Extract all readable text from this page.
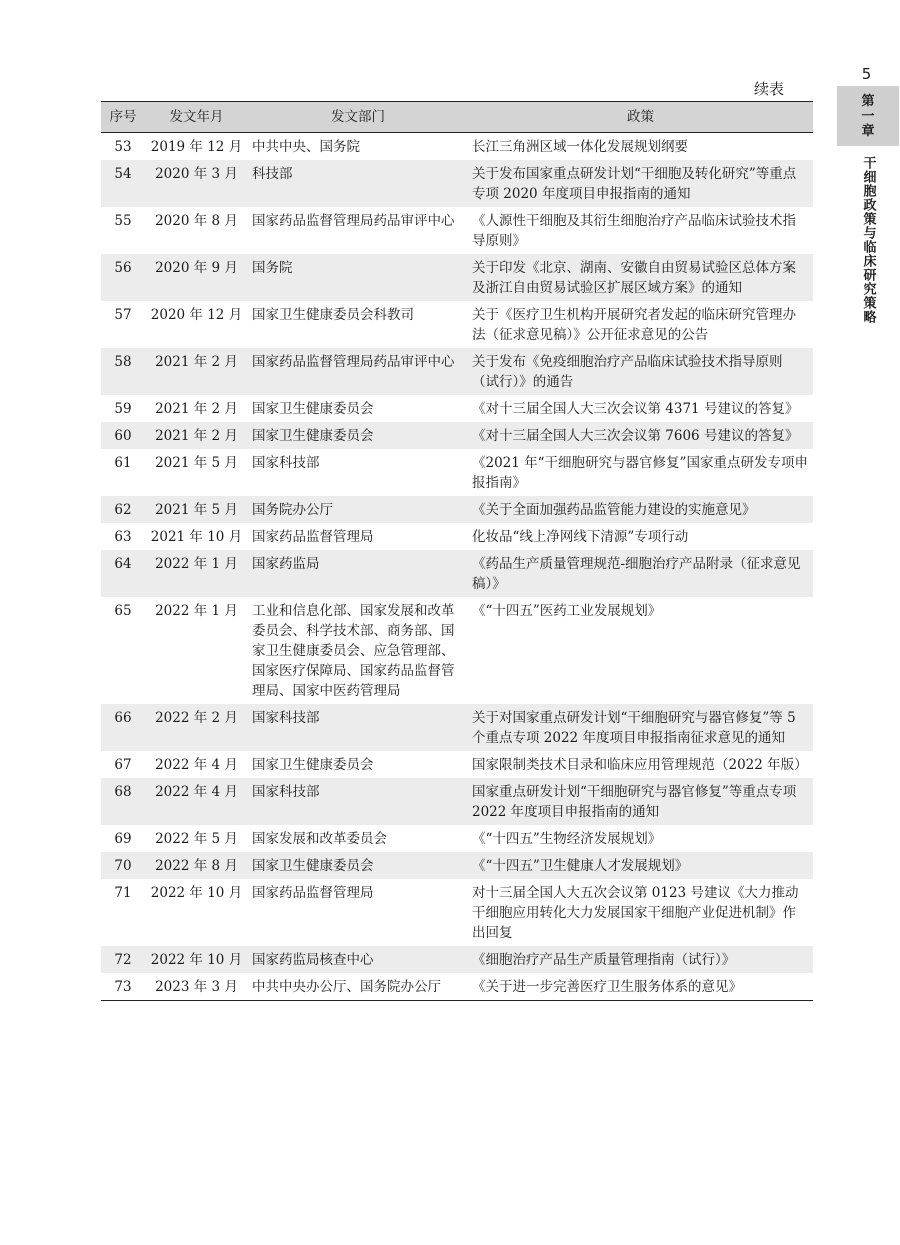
续表
5
第
一
章
干细胞政策与临床研究策略
序号	发文年月	发文部门	政策
53	2019 年 12 月	中共中央、国务院	长江三角洲区域一体化发展规划纲要
54	2020 年 3 月	科技部	关于发布国家重点研发计划“干细胞及转化研究”等重点专项 2020 年度项目申报指南的通知
55	2020 年 8 月	国家药品监督管理局药品审评中心	《人源性干细胞及其衍生细胞治疗产品临床试验技术指导原则》
56	2020 年 9 月	国务院	关于印发《北京、湖南、安徽自由贸易试验区总体方案及浙江自由贸易试验区扩展区域方案》的通知
57	2020 年 12 月	国家卫生健康委员会科教司	关于《医疗卫生机构开展研究者发起的临床研究管理办法（征求意见稿）》公开征求意见的公告
58	2021 年 2 月	国家药品监督管理局药品审评中心	关于发布《免疫细胞治疗产品临床试验技术指导原则（试行）》的通告
59	2021 年 2 月	国家卫生健康委员会	《对十三届全国人大三次会议第 4371 号建议的答复》
60	2021 年 2 月	国家卫生健康委员会	《对十三届全国人大三次会议第 7606 号建议的答复》
61	2021 年 5 月	国家科技部	《2021 年“干细胞研究与器官修复”国家重点研发专项申报指南》
62	2021 年 5 月	国务院办公厅	《关于全面加强药品监管能力建设的实施意见》
63	2021 年 10 月	国家药品监督管理局	化妆品“线上净网线下清源”专项行动
64	2022 年 1 月	国家药监局	《药品生产质量管理规范-细胞治疗产品附录（征求意见稿）》
65	2022 年 1 月	工业和信息化部、国家发展和改革委员会、科学技术部、商务部、国家卫生健康委员会、应急管理部、国家医疗保障局、国家药品监督管理局、国家中医药管理局	《“十四五”医药工业发展规划》
66	2022 年 2 月	国家科技部	关于对国家重点研发计划“干细胞研究与器官修复”等 5 个重点专项 2022 年度项目申报指南征求意见的通知
67	2022 年 4 月	国家卫生健康委员会	国家限制类技术目录和临床应用管理规范（2022 年版）
68	2022 年 4 月	国家科技部	国家重点研发计划“干细胞研究与器官修复”等重点专项 2022 年度项目申报指南的通知
69	2022 年 5 月	国家发展和改革委员会	《“十四五”生物经济发展规划》
70	2022 年 8 月	国家卫生健康委员会	《“十四五”卫生健康人才发展规划》
71	2022 年 10 月	国家药品监督管理局	对十三届全国人大五次会议第 0123 号建议《大力推动干细胞应用转化大力发展国家干细胞产业促进机制》作出回复
72	2022 年 10 月	国家药监局核查中心	《细胞治疗产品生产质量管理指南（试行）》
73	2023 年 3 月	中共中央办公厅、国务院办公厅	《关于进一步完善医疗卫生服务体系的意见》
